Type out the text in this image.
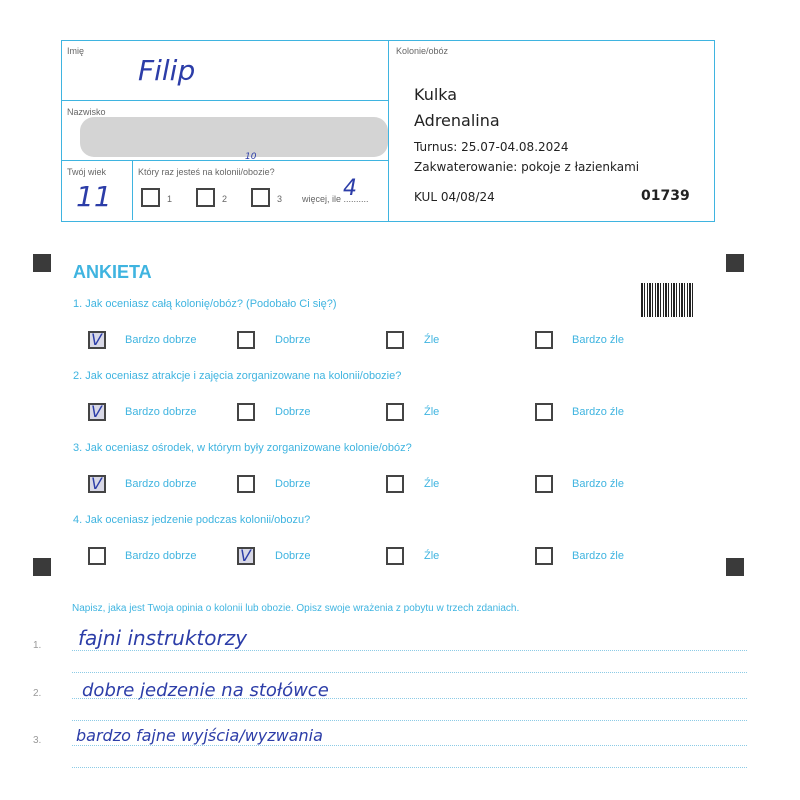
Imię
Filip
Nazwisko
Twój wiek
11
Który raz jesteś na kolonii/obozie?
10
1	2	3 więcej, ile ..........
4
Kolonie/obóz
Kulka
Adrenalina
Turnus: 25.07-04.08.2024
Zakwaterowanie: pokoje z łazienkami
KUL 04/08/24	01739
ANKIETA
1. Jak oceniasz całą kolonię/obóz? (Podobało Ci się?)
V Bardzo dobrze	Dobrze	Źle	Bardzo źle
2. Jak oceniasz atrakcje i zajęcia zorganizowane na kolonii/obozie?
V Bardzo dobrze	Dobrze	Źle	Bardzo źle
3. Jak oceniasz ośrodek, w którym były zorganizowane kolonie/obóz?
V Bardzo dobrze	Dobrze	Źle	Bardzo źle
4. Jak oceniasz jedzenie podczas kolonii/obozu?
Bardzo dobrze	V Dobrze	Źle	Bardzo źle
Napisz, jaka jest Twoja opinia o kolonii lub obozie. Opisz swoje wrażenia z pobytu w trzech zdaniach.
1. fajni instruktorzy
2. dobre jedzenie na stołówce
3. bardzo fajne wyjścia/wyzwania
